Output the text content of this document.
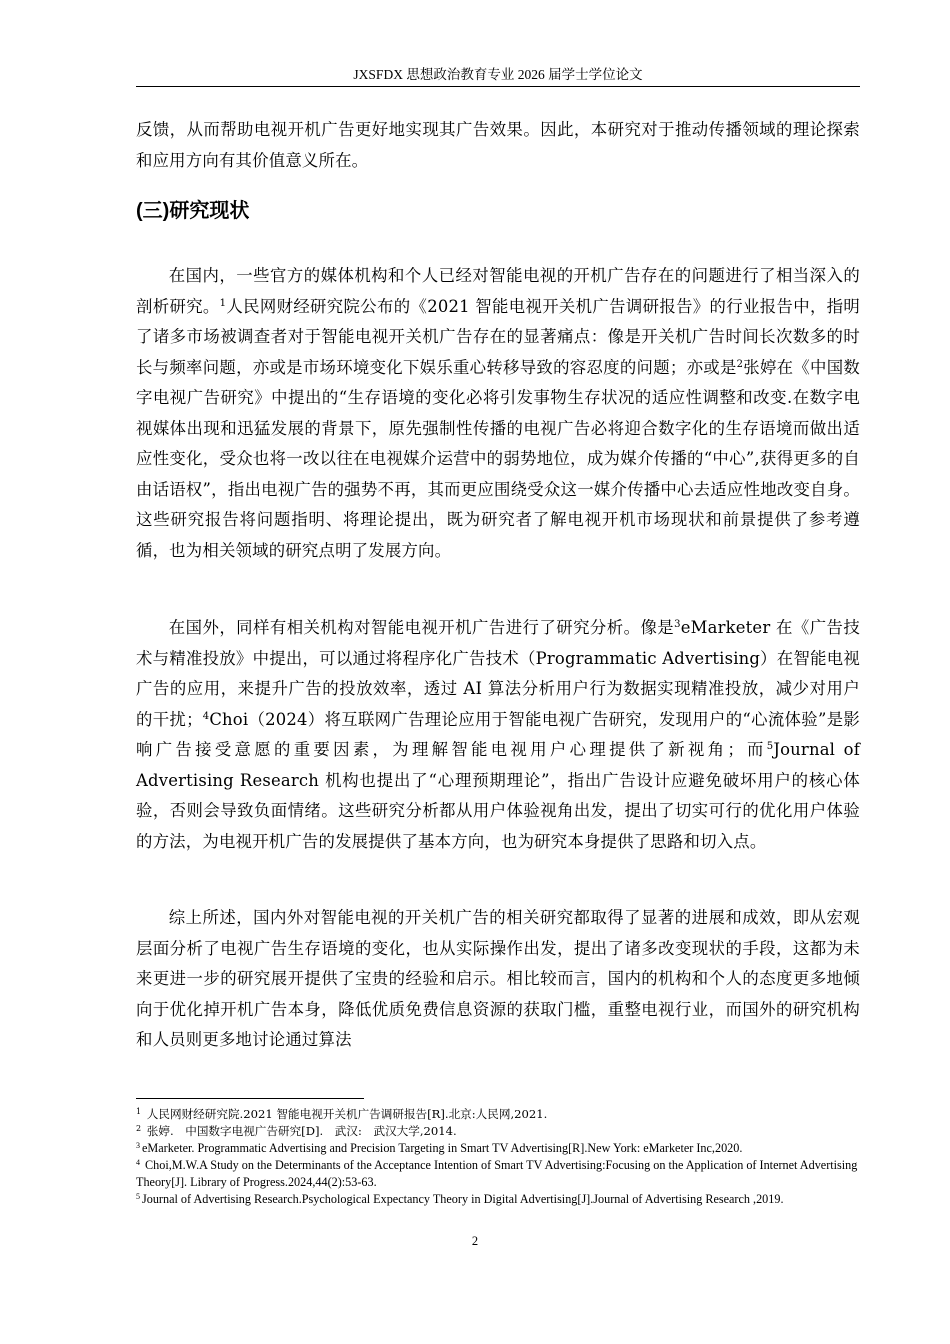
JXSFDX 思想政治教育专业 2026 届学士学位论文

反馈，从而帮助电视开机广告更好地实现其广告效果。因此，本研究对于推动传播领域的理论探索和应用方向有其价值意义所在。

(三)研究现状

在国内，一些官方的媒体机构和个人已经对智能电视的开机广告存在的问题进行了相当深入的剖析研究。$^1$人民网财经研究院公布的《2021 智能电视开关机广告调研报告》的行业报告中，指明了诸多市场被调查者对于智能电视开关机广告存在的显著痛点：像是开关机广告时间长次数多的时长与频率问题，亦或是市场环境变化下娱乐重心转移导致的容忍度的问题；亦或是$^2$张婷在《中国数字电视广告研究》中提出的“生存语境的变化必将引发事物生存状况的适应性调整和改变.在数字电视媒体出现和迅猛发展的背景下，原先强制性传播的电视广告必将迎合数字化的生存语境而做出适应性变化，受众也将一改以往在电视媒介运营中的弱势地位，成为媒介传播的“中心”,获得更多的自由话语权”，指出电视广告的强势不再，其而更应围绕受众这一媒介传播中心去适应性地改变自身。这些研究报告将问题指明、将理论提出，既为研究者了解电视开机市场现状和前景提供了参考遵循，也为相关领域的研究点明了发展方向。

在国外，同样有相关机构对智能电视开机广告进行了研究分析。像是$^3$eMarketer 在《广告技术与精准投放》中提出，可以通过将程序化广告技术（Programmatic Advertising）在智能电视广告的应用，来提升广告的投放效率，透过 AI 算法分析用户行为数据实现精准投放，减少对用户的干扰；$^4$Choi（2024）将互联网广告理论应用于智能电视广告研究，发现用户的“心流体验”是影响广告接受意愿的重要因素，为理解智能电视用户心理提供了新视角；而$^5$Journal of Advertising Research 机构也提出了“心理预期理论”，指出广告设计应避免破坏用户的核心体验，否则会导致负面情绪。这些研究分析都从用户体验视角出发，提出了切实可行的优化用户体验的方法，为电视开机广告的发展提供了基本方向，也为研究本身提供了思路和切入点。

综上所述，国内外对智能电视的开关机广告的相关研究都取得了显著的进展和成效，即从宏观层面分析了电视广告生存语境的变化，也从实际操作出发，提出了诸多改变现状的手段，这都为未来更进一步的研究展开提供了宝贵的经验和启示。相比较而言，国内的机构和个人的态度更多地倾向于优化掉开机广告本身，降低优质免费信息资源的获取门槛，重整电视行业，而国外的研究机构和人员则更多地讨论通过算法

$^1$ 人民网财经研究院.2021 智能电视开关机广告调研报告[R].北京:人民网,2021.

$^2$ 张婷.　中国数字电视广告研究[D].　武汉:　武汉大学,2014.

$^3$ eMarketer. Programmatic Advertising and Precision Targeting in Smart TV Advertising[R].New York: eMarketer Inc,2020.

$^4$ Choi,M.W.A Study on the Determinants of the Acceptance Intention of Smart TV Advertising:Focusing on the Application of Internet Advertising Theory[J]. Library of Progress.2024,44(2):53-63.

$^5$ Journal of Advertising Research.Psychological Expectancy Theory in Digital Advertising[J].Journal of Advertising Research ,2019.

2
